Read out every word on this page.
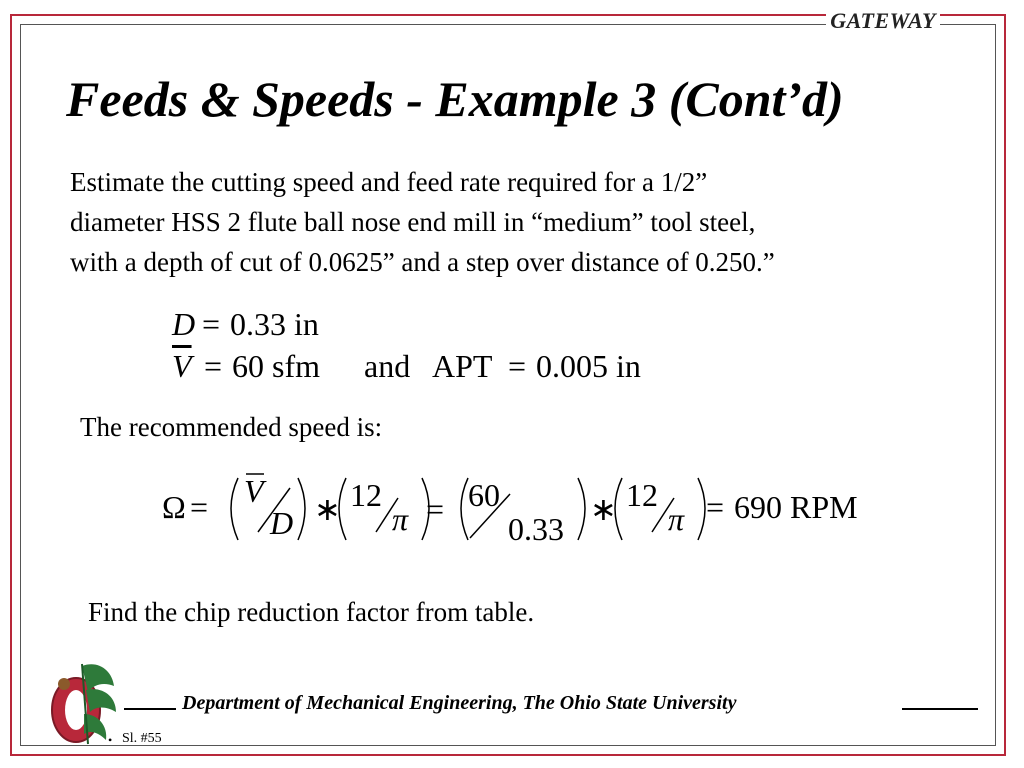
GATEWAY
Feeds & Speeds - Example 3 (Cont’d)

Estimate the cutting speed and feed rate required for a 1/2”

diameter HSS 2 flute ball nose end mill in “medium” tool steel,

with a depth of cut of 0.0625” and a step over distance of 0.250.”

D = 0.33 in
$\overline{V} = 60$ sfm and APT = 0.005 in
The recommended speed is:
Ω = V
D ∗ 12
π = 60
0.33
∗ 12
π = 690 RPM
Find the chip reduction factor from table.
Department of Mechanical Engineering, The Ohio State University
• Sl. #55
